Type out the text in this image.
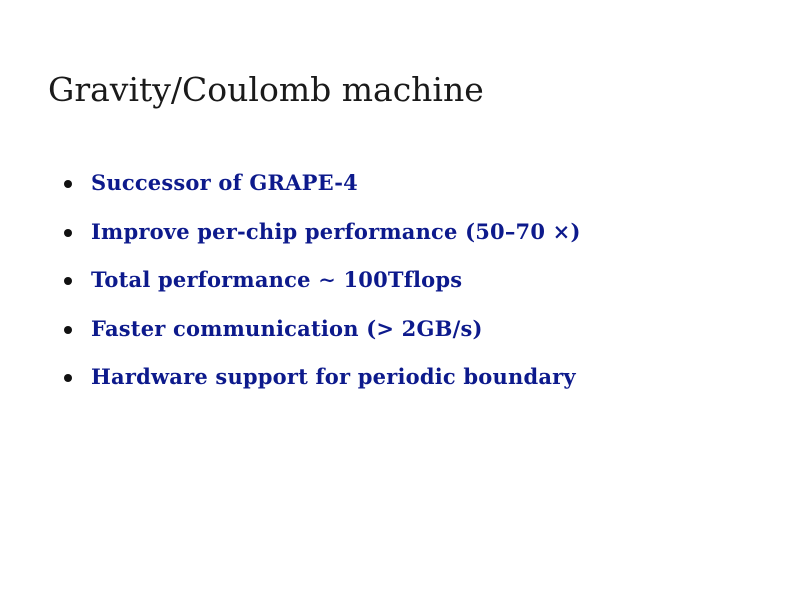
Gravity/Coulomb machine
Successor of GRAPE-4
Improve per-chip performance (50–70 ×)
Total performance ∼ 100Tflops
Faster communication (> 2GB/s)
Hardware support for periodic boundary
